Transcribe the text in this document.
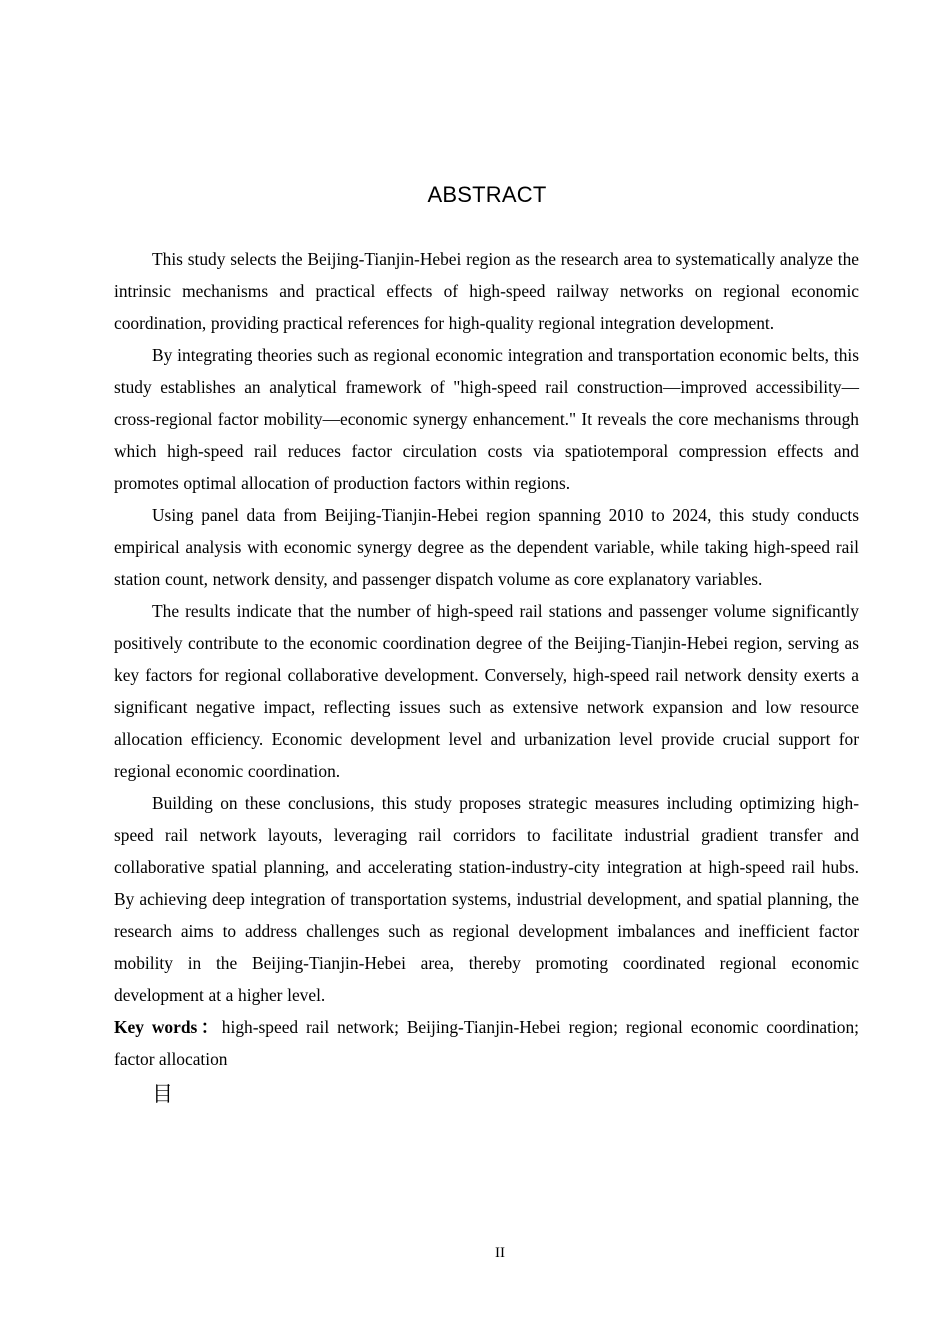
ABSTRACT

This study selects the Beijing-Tianjin-Hebei region as the research area to systematically analyze the intrinsic mechanisms and practical effects of high-speed railway networks on regional economic coordination, providing practical references for high-quality regional integration development.

By integrating theories such as regional economic integration and transportation economic belts, this study establishes an analytical framework of "high-speed rail construction—improved accessibility—cross-regional factor mobility—economic synergy enhancement." It reveals the core mechanisms through which high-speed rail reduces factor circulation costs via spatiotemporal compression effects and promotes optimal allocation of production factors within regions.

Using panel data from Beijing-Tianjin-Hebei region spanning 2010 to 2024, this study conducts empirical analysis with economic synergy degree as the dependent variable, while taking high-speed rail station count, network density, and passenger dispatch volume as core explanatory variables.

The results indicate that the number of high-speed rail stations and passenger volume significantly positively contribute to the economic coordination degree of the Beijing-Tianjin-Hebei region, serving as key factors for regional collaborative development. Conversely, high-speed rail network density exerts a significant negative impact, reflecting issues such as extensive network expansion and low resource allocation efficiency. Economic development level and urbanization level provide crucial support for regional economic coordination.

Building on these conclusions, this study proposes strategic measures including optimizing high-speed rail network layouts, leveraging rail corridors to facilitate industrial gradient transfer and collaborative spatial planning, and accelerating station-industry-city integration at high-speed rail hubs. By achieving deep integration of transportation systems, industrial development, and spatial planning, the research aims to address challenges such as regional development imbalances and inefficient factor mobility in the Beijing-Tianjin-Hebei area, thereby promoting coordinated regional economic development at a higher level.

Key words：high-speed rail network; Beijing-Tianjin-Hebei region; regional economic coordination; factor allocation

目
II
